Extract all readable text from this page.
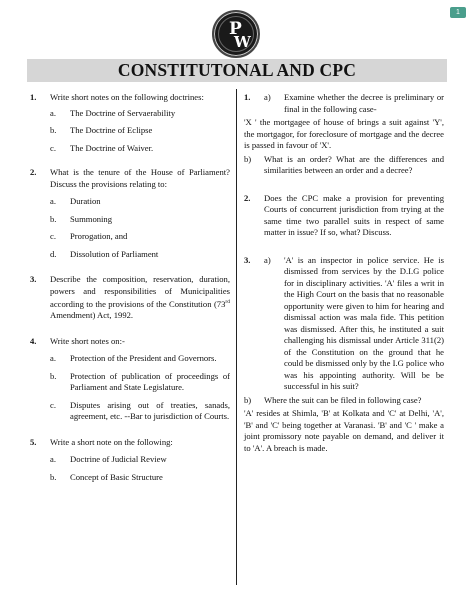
1
P
W
CONSTITUTONAL AND CPC
1.	Write short notes on the following doctrines:
a.	The Doctrine of Servaerability
b.	The Doctrine of Eclipse
c.	The Doctrine of Waiver.
2.	What is the tenure of the House of Parliament? Discuss the provisions relating to:
a.	Duration
b.	Summoning
c.	Prorogation, and
d.	Dissolution of Parliament
3.	Describe the composition, reservation, duration, powers and responsibilities of Municipalities according to the provisions of the Constitution (73rd Amendment) Act, 1992.
4.	Write short notes on:-
a.	Protection of the President and Governors.
b.	Protection of publication of proceedings of Parliament and State Legislature.
c.	Disputes arising out of treaties, sanads, agreement, etc. --Bar to jurisdiction of Courts.
5.	Write a short note on the following:
a.	Doctrine of Judicial Review
b.	Concept of Basic Structure
1.	a)	Examine whether the decree is preliminary or final in the following case-
'X ' the mortgagee of house of brings a suit against 'Y', the mortgagor, for foreclosure of mortgage and the decree is passed in favour of 'X'.
b)	What is an order? What are the differences and similarities between an order and a decree?
2.	Does the CPC make a provision for preventing Courts of concurrent jurisdiction from trying at the same time two parallel suits in respect of same matter in issue? If so, what? Discuss.
3.	a)	'A' is an inspector in police service. He is dismissed from services by the D.I.G police for in disciplinary activities. 'A' files a writ in the High Court on the basis that no reasonable opportunity were given to him for hearing and dismissal action was mala fide. This petition was dismissed. After this, he instituted a suit challenging his dismissal under Article 311(2) of the Constitution on the ground that he could be dismissed only by the I.G police who was his appointing authority. Will be be successful in his suit?
b)	Where the suit can be filed in following case?
'A' resides at Shimla, 'B' at Kolkata and 'C' at Delhi, 'A', 'B' and 'C' being together at Varanasi. 'B' and 'C ' make a joint promissory note payable on demand, and deliver it to 'A'. A breach is made.
